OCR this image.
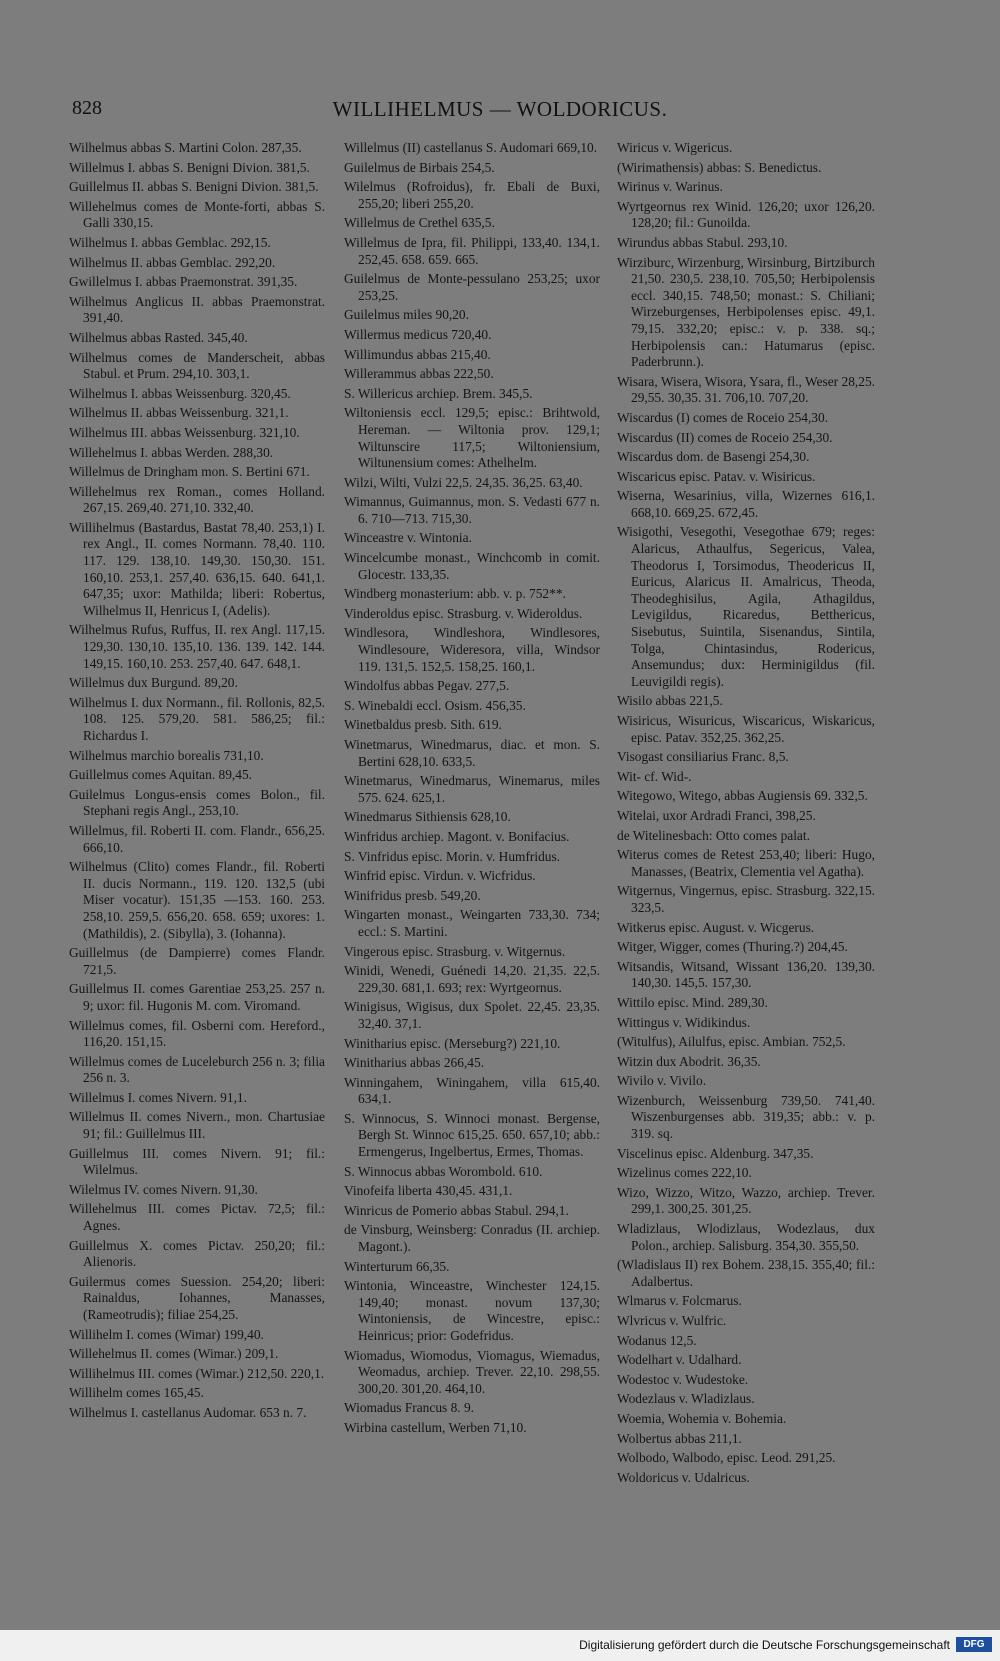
828	WILLIHELMUS — WOLDORICUS.
Wilhelmus abbas S. Martini Colon. 287,35.
Willelmus I. abbas S. Benigni Divion. 381,5.
Guillelmus II. abbas S. Benigni Divion. 381,5.
Willehelmus comes de Monte-forti, abbas S. Galli 330,15.
Wilhelmus I. abbas Gemblac. 292,15.
Wilhelmus II. abbas Gemblac. 292,20.
Gwillelmus I. abbas Praemonstrat. 391,35.
Wilhelmus Anglicus II. abbas Praemonstrat. 391,40.
Wilhelmus abbas Rasted. 345,40.
Wilhelmus comes de Manderscheit, abbas Stabul. et Prum. 294,10. 303,1.
Wilhelmus I. abbas Weissenburg. 320,45.
Wilhelmus II. abbas Weissenburg. 321,1.
Wilhelmus III. abbas Weissenburg. 321,10.
Willehelmus I. abbas Werden. 288,30.
Willelmus de Dringham mon. S. Bertini 671.
Willehelmus rex Roman., comes Holland. 267,15. 269,40. 271,10. 332,40.
Willihelmus (Bastardus, Bastat 78,40. 253,1) I. rex Angl., II. comes Normann. 78,40. 110. 117. 129. 138,10. 149,30. 150,30. 151. 160,10. 253,1. 257,40. 636,15. 640. 641,1. 647,35; uxor: Mathilda; liberi: Robertus, Wilhelmus II, Henricus I, (Adelis).
Wilhelmus Rufus, Ruffus, II. rex Angl. 117,15. 129,30. 130,10. 135,10. 136. 139. 142. 144. 149,15. 160,10. 253. 257,40. 647. 648,1.
Willelmus dux Burgund. 89,20.
Wilhelmus I. dux Normann., fil. Rollonis, 82,5. 108. 125. 579,20. 581. 586,25; fil.: Richardus I.
Wilhelmus marchio borealis 731,10.
Guillelmus comes Aquitan. 89,45.
Guilelmus Longus-ensis comes Bolon., fil. Stephani regis Angl., 253,10.
Willelmus, fil. Roberti II. com. Flandr., 656,25. 666,10.
Wilhelmus (Clito) comes Flandr., fil. Roberti II. ducis Normann., 119. 120. 132,5 (ubi Miser vocatur). 151,35 —153. 160. 253. 258,10. 259,5. 656,20. 658. 659; uxores: 1. (Mathildis), 2. (Sibylla), 3. (Iohanna).
Guillelmus (de Dampierre) comes Flandr. 721,5.
Guillelmus II. comes Garentiae 253,25. 257 n. 9; uxor: fil. Hugonis M. com. Viromand.
Willelmus comes, fil. Osberni com. Hereford., 116,20. 151,15.
Willelmus comes de Luceleburch 256 n. 3; filia 256 n. 3.
Willelmus I. comes Nivern. 91,1.
Willelmus II. comes Nivern., mon. Chartusiae 91; fil.: Guillelmus III.
Guillelmus III. comes Nivern. 91; fil.: Wilelmus.
Wilelmus IV. comes Nivern. 91,30.
Willehelmus III. comes Pictav. 72,5; fil.: Agnes.
Guillelmus X. comes Pictav. 250,20; fil.: Alienoris.
Guilermus comes Suession. 254,20; liberi: Rainaldus, Iohannes, Manasses, (Rameotrudis); filiae 254,25.
Willihelm I. comes (Wimar) 199,40.
Willehelmus II. comes (Wimar.) 209,1.
Willihelmus III. comes (Wimar.) 212,50. 220,1.
Willihelm comes 165,45.
Wilhelmus I. castellanus Audomar. 653 n. 7.
Willelmus (II) castellanus S. Audomari 669,10.
Guilelmus de Birbais 254,5.
Wilelmus (Rofroidus), fr. Ebali de Buxi, 255,20; liberi 255,20.
Willelmus de Crethel 635,5.
Willelmus de Ipra, fil. Philippi, 133,40. 134,1. 252,45. 658. 659. 665.
Guilelmus de Monte-pessulano 253,25; uxor 253,25.
Guilelmus miles 90,20.
Willermus medicus 720,40.
Willimundus abbas 215,40.
Willerammus abbas 222,50.
S. Willericus archiep. Brem. 345,5.
Wiltoniensis eccl. 129,5; episc.: Brihtwold, Hereman. — Wiltonia prov. 129,1; Wiltunscire 117,5; Wiltoniensium, Wiltunensium comes: Athelhelm.
Wilzi, Wilti, Vulzi 22,5. 24,35. 36,25. 63,40.
Wimannus, Guimannus, mon. S. Vedasti 677 n. 6. 710—713. 715,30.
Winceastre v. Wintonia.
Wincelcumbe monast., Winchcomb in comit. Glocestr. 133,35.
Windberg monasterium: abb. v. p. 752**.
Vinderoldus episc. Strasburg. v. Wideroldus.
Windlesora, Windleshora, Windlesores, Windlesoure, Wideresora, villa, Windsor 119. 131,5. 152,5. 158,25. 160,1.
Windolfus abbas Pegav. 277,5.
S. Winebaldi eccl. Osism. 456,35.
Winetbaldus presb. Sith. 619.
Winetmarus, Winedmarus, diac. et mon. S. Bertini 628,10. 633,5.
Winetmarus, Winedmarus, Winemarus, miles 575. 624. 625,1.
Winedmarus Sithiensis 628,10.
Winfridus archiep. Magont. v. Bonifacius.
S. Vinfridus episc. Morin. v. Humfridus.
Winfrid episc. Virdun. v. Wicfridus.
Winifridus presb. 549,20.
Wingarten monast., Weingarten 733,30. 734; eccl.: S. Martini.
Vingerous episc. Strasburg. v. Witgernus.
Winidi, Wenedi, Guénedi 14,20. 21,35. 22,5. 229,30. 681,1. 693; rex: Wyrtgeornus.
Winigisus, Wigisus, dux Spolet. 22,45. 23,35. 32,40. 37,1.
Winitharius episc. (Merseburg?) 221,10.
Winitharius abbas 266,45.
Winningahem, Winingahem, villa 615,40. 634,1.
S. Winnocus, S. Winnoci monast. Bergense, Bergh St. Winnoc 615,25. 650. 657,10; abb.: Ermengerus, Ingelbertus, Ermes, Thomas.
S. Winnocus abbas Worombold. 610.
Vinofeifa liberta 430,45. 431,1.
Winricus de Pomerio abbas Stabul. 294,1.
de Vinsburg, Weinsberg: Conradus (II. archiep. Magont.).
Winterturum 66,35.
Wintonia, Winceastre, Winchester 124,15. 149,40; monast. novum 137,30; Wintoniensis, de Wincestre, episc.: Heinricus; prior: Godefridus.
Wiomadus, Wiomodus, Viomagus, Wiemadus, Weomadus, archiep. Trever. 22,10. 298,55. 300,20. 301,20. 464,10.
Wiomadus Francus 8. 9.
Wirbina castellum, Werben 71,10.
Wiricus v. Wigericus.
(Wirimathensis) abbas: S. Benedictus.
Wirinus v. Warinus.
Wyrtgeornus rex Winid. 126,20; uxor 126,20. 128,20; fil.: Gunoilda.
Wirundus abbas Stabul. 293,10.
Wirziburc, Wirzenburg, Wirsinburg, Birtziburch 21,50. 230,5. 238,10. 705,50; Herbipolensis eccl. 340,15. 748,50; monast.: S. Chiliani; Wirzeburgenses, Herbipolenses episc. 49,1. 79,15. 332,20; episc.: v. p. 338. sq.; Herbipolensis can.: Hatumarus (episc. Paderbrunn.).
Wisara, Wisera, Wisora, Ysara, fl., Weser 28,25. 29,55. 30,35. 31. 706,10. 707,20.
Wiscardus (I) comes de Roceio 254,30.
Wiscardus (II) comes de Roceio 254,30.
Wiscardus dom. de Basengi 254,30.
Wiscaricus episc. Patav. v. Wisiricus.
Wiserna, Wesarinius, villa, Wizernes 616,1. 668,10. 669,25. 672,45.
Wisigothi, Vesegothi, Vesegothae 679; reges: Alaricus, Athaulfus, Segericus, Valea, Theodorus I, Torsimodus, Theodericus II, Euricus, Alaricus II. Amalricus, Theoda, Theodeghisilus, Agila, Athagildus, Levigildus, Ricaredus, Betthericus, Sisebutus, Suintila, Sisenandus, Sintila, Tolga, Chintasindus, Rodericus, Ansemundus; dux: Herminigildus (fil. Leuvigildi regis).
Wisilo abbas 221,5.
Wisiricus, Wisuricus, Wiscaricus, Wiskaricus, episc. Patav. 352,25. 362,25.
Visogast consiliarius Franc. 8,5.
Wit- cf. Wid-.
Witegowo, Witego, abbas Augiensis 69. 332,5.
Witelai, uxor Ardradi Franci, 398,25.
de Witelinesbach: Otto comes palat.
Witerus comes de Retest 253,40; liberi: Hugo, Manasses, (Beatrix, Clementia vel Agatha).
Witgernus, Vingernus, episc. Strasburg. 322,15. 323,5.
Witkerus episc. August. v. Wicgerus.
Witger, Wigger, comes (Thuring.?) 204,45.
Witsandis, Witsand, Wissant 136,20. 139,30. 140,30. 145,5. 157,30.
Wittilo episc. Mind. 289,30.
Wittingus v. Widikindus.
(Witulfus), Ailulfus, episc. Ambian. 752,5.
Witzin dux Abodrit. 36,35.
Wivilo v. Vivilo.
Wizenburch, Weissenburg 739,50. 741,40. Wiszenburgenses abb. 319,35; abb.: v. p. 319. sq.
Viscelinus episc. Aldenburg. 347,35.
Wizelinus comes 222,10.
Wizo, Wizzo, Witzo, Wazzo, archiep. Trever. 299,1. 300,25. 301,25.
Wladizlaus, Wlodizlaus, Wodezlaus, dux Polon., archiep. Salisburg. 354,30. 355,50.
(Wladislaus II) rex Bohem. 238,15. 355,40; fil.: Adalbertus.
Wlmarus v. Folcmarus.
Wlvricus v. Wulfric.
Wodanus 12,5.
Wodelhart v. Udalhard.
Wodestoc v. Wudestoke.
Wodezlaus v. Wladizlaus.
Woemia, Wohemia v. Bohemia.
Wolbertus abbas 211,1.
Wolbodo, Walbodo, episc. Leod. 291,25.
Woldoricus v. Udalricus.
Digitalisierung gefördert durch die Deutsche Forschungsgemeinschaft	DFG
